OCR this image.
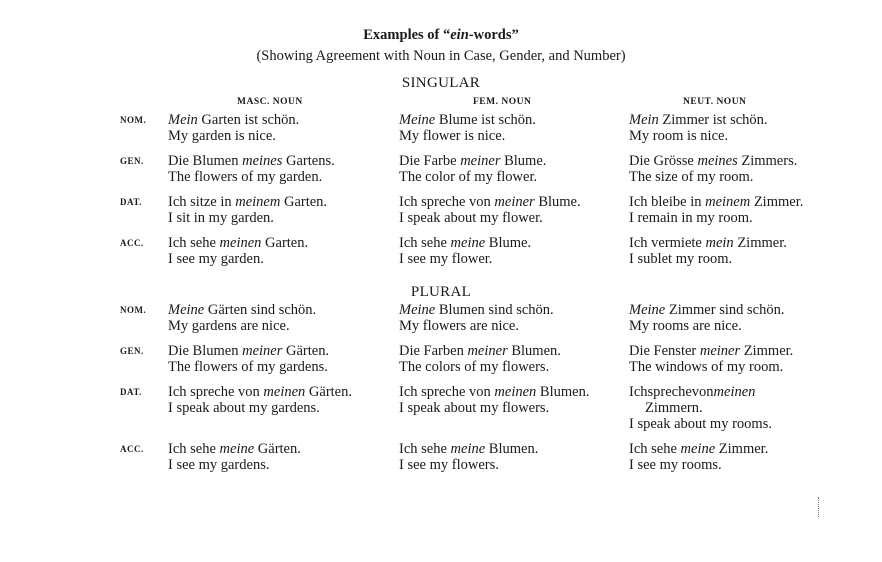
Examples of “ein-words”
(Showing Agreement with Noun in Case, Gender, and Number)
SINGULAR
MASC. NOUN	FEM. NOUN	NEUT. NOUN
NOM. Mein Garten ist schön.
My garden is nice.
Meine Blume ist schön.
My flower is nice.
Mein Zimmer ist schön.
My room is nice.
GEN. Die Blumen meines Gartens.
The flowers of my garden.
Die Farbe meiner Blume.
The color of my flower.
Die Grösse meines Zimmers.
The size of my room.
DAT. Ich sitze in meinem Garten.
I sit in my garden.
Ich spreche von meiner Blume.
I speak about my flower.
Ich bleibe in meinem Zimmer.
I remain in my room.
ACC. Ich sehe meinen Garten.
I see my garden.
Ich sehe meine Blume.
I see my flower.
Ich vermiete mein Zimmer.
I sublet my room.
NOM. Meine Gärten sind schön.
My gardens are nice.
Meine Blumen sind schön.
My flowers are nice.
Meine Zimmer sind schön.
My rooms are nice.
GEN. Die Blumen meiner Gärten.
The flowers of my gardens.
Die Farben meiner Blumen.
The colors of my flowers.
Die Fenster meiner Zimmer.
The windows of my room.
DAT. Ich spreche von meinen Gärten.
I speak about my gardens.
Ich spreche von meinen Blumen.
I speak about my flowers.
Ichsprechevonmeinen
Zimmern.
I speak about my rooms.
ACC. Ich sehe meine Gärten.
I see my gardens.
Ich sehe meine Blumen.
I see my flowers.
Ich sehe meine Zimmer.
I see my rooms.
PLURAL
